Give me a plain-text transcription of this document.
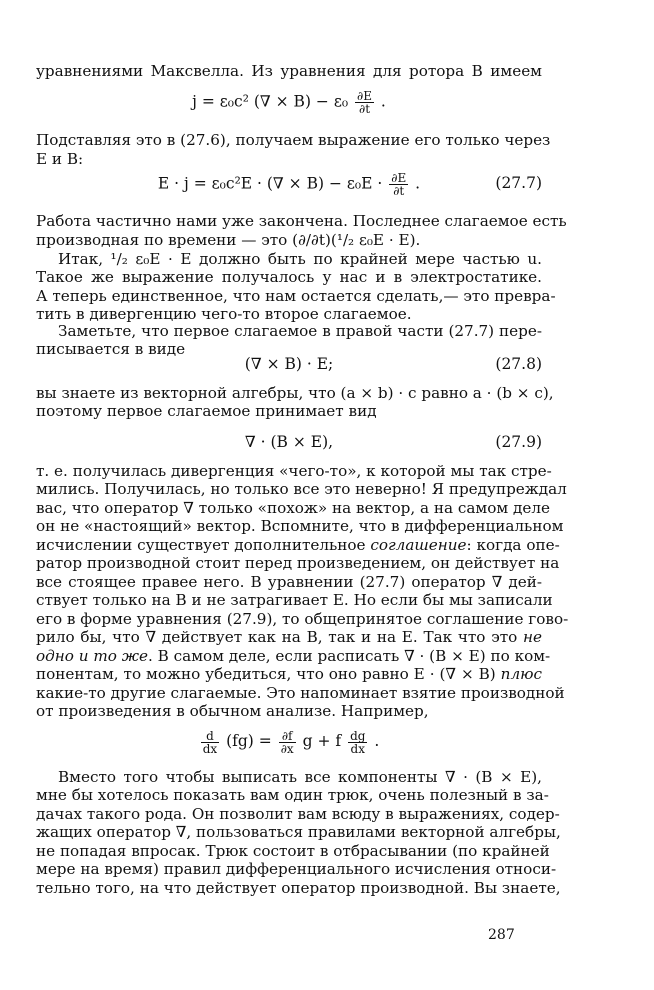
уравнениями Максвелла. Из уравнения для ротора B имеем
j = ε₀c² (∇ × $B) - \varepsilon_0 \frac{\partial E}{\partial t}$ .
Подставляя это в (27.6), получаем выражение его только через
E и B:
E · j = ε₀c²E · (∇ × $B) - \varepsilon_0E \cdot \frac{\partial E}{\partial t}$ .	(27.7)
Работа частично нами уже закончена. Последнее слагаемое есть
производная по времени — это (∂/∂t)(¹/₂ ε₀E · E).
Итак, ¹/₂ ε₀E · E должно быть по крайней мере частью u.
Такое же выражение получалось у нас и в электростатике.
А теперь единственное, что нам остается сделать,— это превра-
тить в дивергенцию чего-то второе слагаемое.
Заметьте, что первое слагаемое в правой части (27.7) пере-
писывается в виде
(∇ × B) · E;	(27.8)
вы знаете из векторной алгебры, что (a × b) · c равно a · (b × c),
поэтому первое слагаемое принимает вид
∇ · (B × E),	(27.9)
т. е. получилась дивергенция «чего-то», к которой мы так стре-
мились. Получилась, но только все это неверно! Я предупреждал
вас, что оператор ∇ только «похож» на вектор, а на самом деле
он не «настоящий» вектор. Вспомните, что в дифференциальном
исчислении существует дополнительное соглашение: когда опе-
ратор производной стоит перед произведением, он действует на
все стоящее правее него. В уравнении (27.7) оператор ∇ дей-
ствует только на B и не затрагивает E. Но если бы мы записали
его в форме уравнения (27.9), то общепринятое соглашение гово-
рило бы, что ∇ действует как на B, так и на E. Так что это не
одно и то же. В самом деле, если расписать ∇ · (B × E) по ком-
понентам, то можно убедиться, что оно равно E · (∇ × B) плюс
какие-то другие слагаемые. Это напоминает взятие производной
от произведения в обычном анализе. Например,
$\frac{d}{dx} (fg) = \frac{\partial f}{\partial x}$ g + f $\frac{dg}{dx}$ .
Вместо того чтобы выписать все компоненты ∇ · (B × E),
мне бы хотелось показать вам один трюк, очень полезный в за-
дачах такого рода. Он позволит вам всюду в выражениях, содер-
жащих оператор ∇, пользоваться правилами векторной алгебры,
не попадая впросак. Трюк состоит в отбрасывании (по крайней
мере на время) правил дифференциального исчисления относи-
тельно того, на что действует оператор производной. Вы знаете,
287
